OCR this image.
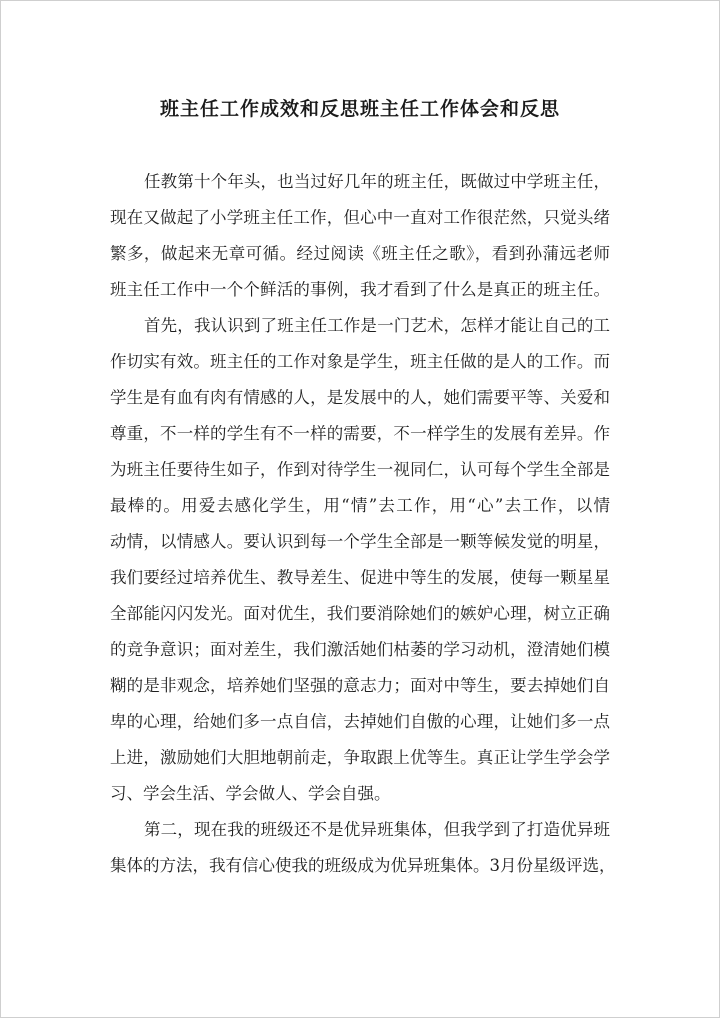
班主任工作成效和反思班主任工作体会和反思

任教第十个年头，也当过好几年的班主任，既做过中学班主任，

现在又做起了小学班主任工作，但心中一直对工作很茫然，只觉头绪

繁多，做起来无章可循。经过阅读《班主任之歌》，看到孙蒲远老师

班主任工作中一个个鲜活的事例，我才看到了什么是真正的班主任。

首先，我认识到了班主任工作是一门艺术，怎样才能让自己的工

作切实有效。班主任的工作对象是学生，班主任做的是人的工作。而

学生是有血有肉有情感的人，是发展中的人，她们需要平等、关爱和

尊重，不一样的学生有不一样的需要，不一样学生的发展有差异。作

为班主任要待生如子，作到对待学生一视同仁，认可每个学生全部是

最棒的。用爱去感化学生，用“情”去工作，用“心”去工作，以情

动情，以情感人。要认识到每一个学生全部是一颗等候发觉的明星，

我们要经过培养优生、教导差生、促进中等生的发展，使每一颗星星

全部能闪闪发光。面对优生，我们要消除她们的嫉妒心理，树立正确

的竞争意识；面对差生，我们激活她们枯萎的学习动机，澄清她们模

糊的是非观念，培养她们坚强的意志力；面对中等生，要去掉她们自

卑的心理，给她们多一点自信，去掉她们自傲的心理，让她们多一点

上进，激励她们大胆地朝前走，争取跟上优等生。真正让学生学会学

习、学会生活、学会做人、学会自强。

第二，现在我的班级还不是优异班集体，但我学到了打造优异班

集体的方法，我有信心使我的班级成为优异班集体。3月份星级评选，
